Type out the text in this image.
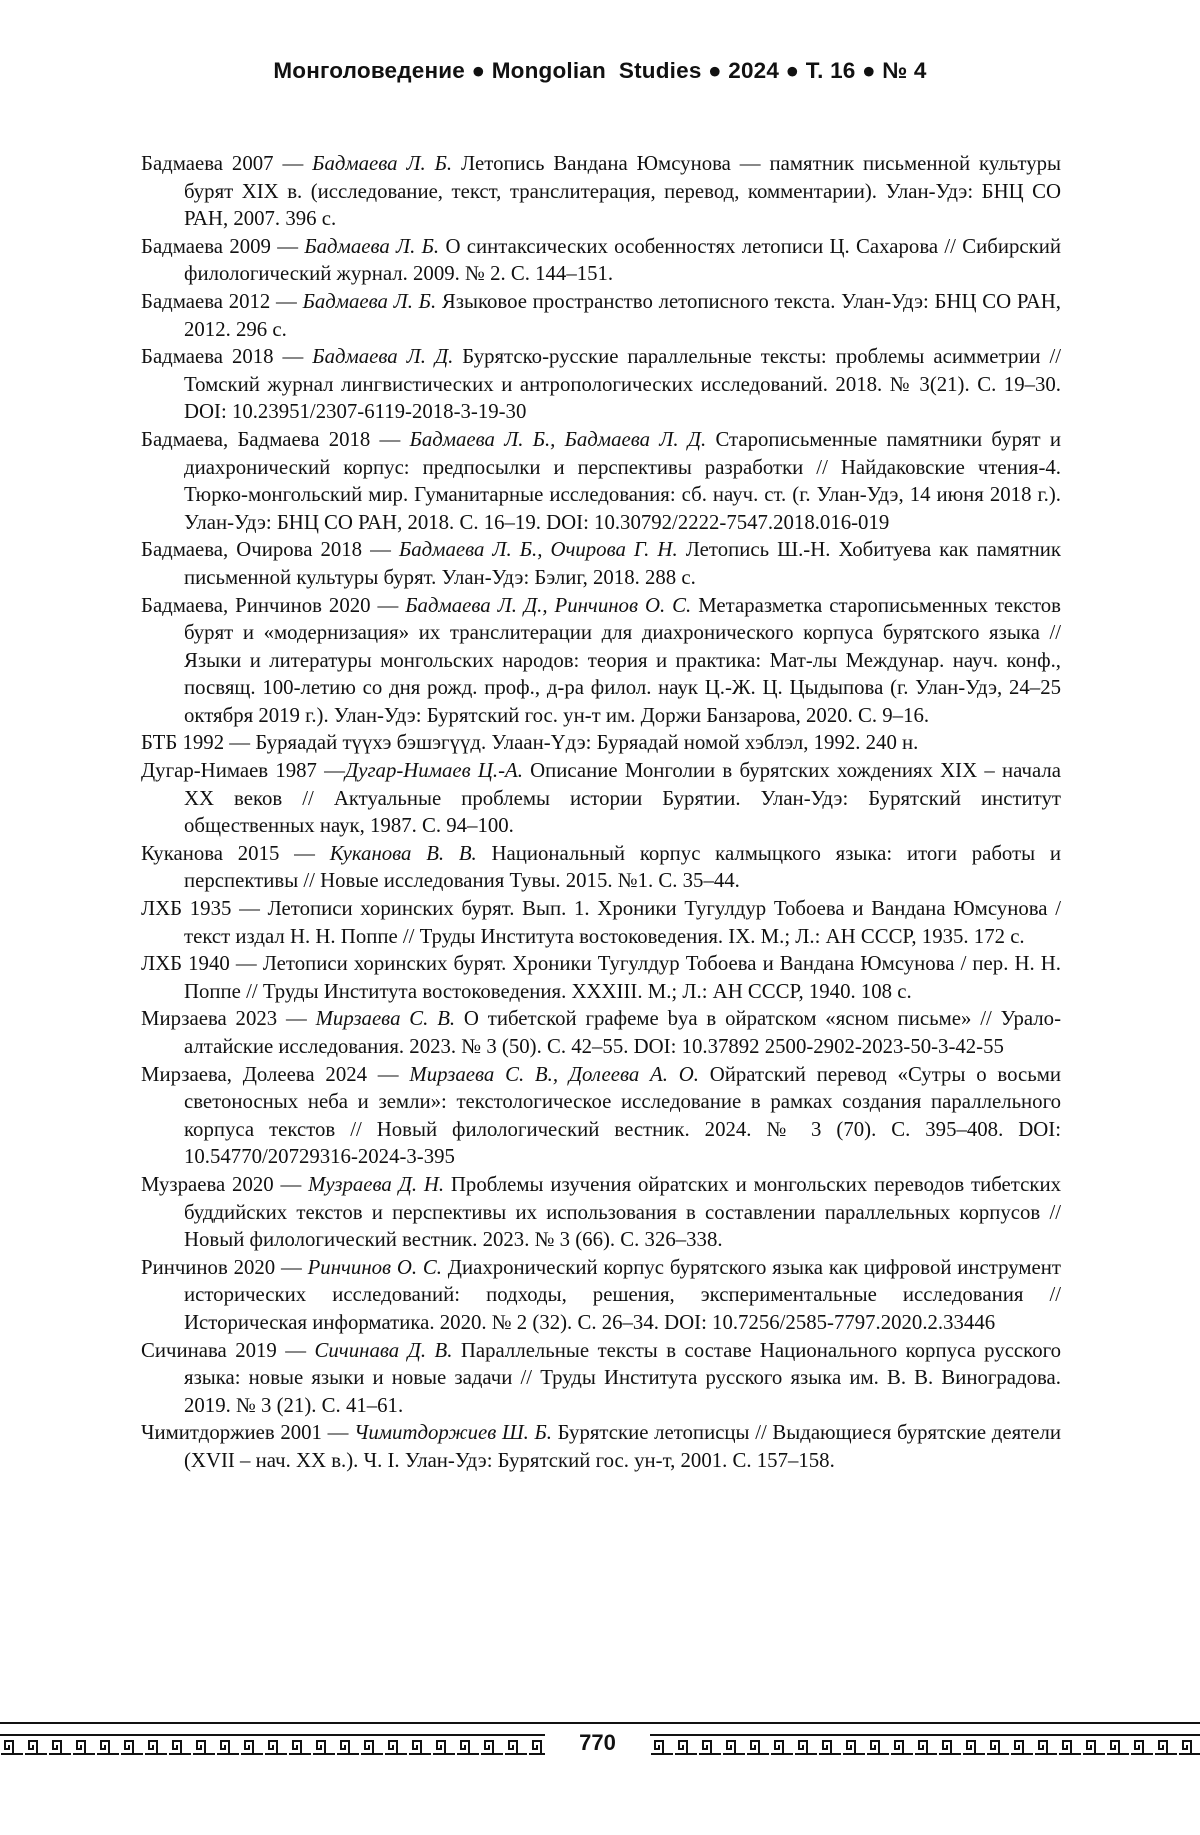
Монголоведение ● Mongolian  Studies ● 2024 ● Т. 16 ● № 4

Бадмаева 2007 — Бадмаева Л. Б. Летопись Вандана Юмсунова — памятник письменной культуры бурят XIX в. (исследование, текст, транслитерация, перевод, комментарии). Улан-Удэ: БНЦ СО РАН, 2007. 396 с.

Бадмаева 2009 — Бадмаева Л. Б. О синтаксических особенностях летописи Ц. Сахарова // Сибирский филологический журнал. 2009. № 2. С. 144–151.

Бадмаева 2012 — Бадмаева Л. Б. Языковое пространство летописного текста. Улан-Удэ: БНЦ СО РАН, 2012. 296 с.

Бадмаева 2018 — Бадмаева Л. Д. Бурятско-русские параллельные тексты: проблемы асимметрии // Томский журнал лингвистических и антропологических исследований. 2018. № 3(21). С. 19–30. DOI: 10.23951/2307-6119-2018-3-19-30

Бадмаева, Бадмаева 2018 — Бадмаева Л. Б., Бадмаева Л. Д. Старописьменные памятники бурят и диахронический корпус: предпосылки и перспективы разработки // Найдаковские чтения-4. Тюрко-монгольский мир. Гуманитарные исследования: сб. науч. ст. (г. Улан-Удэ, 14 июня 2018 г.). Улан-Удэ: БНЦ СО РАН, 2018. С. 16–19. DOI: 10.30792/2222-7547.2018.016-019

Бадмаева, Очирова 2018 — Бадмаева Л. Б., Очирова Г. Н. Летопись Ш.-Н. Хобитуева как памятник письменной культуры бурят. Улан-Удэ: Бэлиг, 2018. 288 с.

Бадмаева, Ринчинов 2020 — Бадмаева Л. Д., Ринчинов О. С. Метаразметка старописьменных текстов бурят и «модернизация» их транслитерации для диахронического корпуса бурятского языка // Языки и литературы монгольских народов: теория и практика: Мат-лы Междунар. науч. конф., посвящ. 100-летию со дня рожд. проф., д-ра филол. наук Ц.-Ж. Ц. Цыдыпова (г. Улан-Удэ, 24–25 октября 2019 г.). Улан-Удэ: Бурятский гос. ун-т им. Доржи Банзарова, 2020. С. 9–16.

БТБ 1992 — Буряадай түүхэ бэшэгүүд. Улаан-Үдэ: Буряадай номой хэблэл, 1992. 240 н.

Дугар-Нимаев 1987 —Дугар-Нимаев Ц.-А. Описание Монголии в бурятских хождениях XIX – начала XX веков // Актуальные проблемы истории Бурятии. Улан-Удэ: Бурятский институт общественных наук, 1987. С. 94–100.

Куканова 2015 — Куканова В. В. Национальный корпус калмыцкого языка: итоги работы и перспективы // Новые исследования Тувы. 2015. №1. С. 35–44.

ЛХБ 1935 — Летописи хоринских бурят. Вып. 1. Хроники Тугулдур Тобоева и Вандана Юмсунова / текст издал Н. Н. Поппе // Труды Института востоковедения. IX. М.; Л.: АН СССР, 1935. 172 с.

ЛХБ 1940 — Летописи хоринских бурят. Хроники Тугулдур Тобоева и Вандана Юмсунова / пер. Н. Н. Поппе // Труды Института востоковедения. XXXIII. М.; Л.: АН СССР, 1940. 108 с.

Мирзаева 2023 — Мирзаева С. В. О тибетской графеме bya в ойратском «ясном письме» // Урало-алтайские исследования. 2023. № 3 (50). С. 42–55. DOI: 10.37892 2500-2902-2023-50-3-42-55

Мирзаева, Долеева 2024 — Мирзаева С. В., Долеева А. О. Ойратский перевод «Сутры о восьми светоносных неба и земли»: текстологическое исследование в рамках создания параллельного корпуса текстов // Новый филологический вестник. 2024. № 3 (70). С. 395–408. DOI: 10.54770/20729316-2024-3-395

Музраева 2020 — Музраева Д. Н. Проблемы изучения ойратских и монгольских переводов тибетских буддийских текстов и перспективы их использования в составлении параллельных корпусов // Новый филологический вестник. 2023. № 3 (66). С. 326–338.

Ринчинов 2020 — Ринчинов О. С. Диахронический корпус бурятского языка как цифровой инструмент исторических исследований: подходы, решения, экспериментальные исследования // Историческая информатика. 2020. № 2 (32). С. 26–34. DOI: 10.7256/2585-7797.2020.2.33446

Сичинава 2019 — Сичинава Д. В. Параллельные тексты в составе Национального корпуса русского языка: новые языки и новые задачи // Труды Института русского языка им. В. В. Виноградова. 2019. № 3 (21). С. 41–61.

Чимитдоржиев 2001 — Чимитдоржиев Ш. Б. Бурятские летописцы // Выдающиеся бурятские деятели (XVII – нач. XX в.). Ч. I. Улан-Удэ: Бурятский гос. ун-т, 2001. С. 157–158.

770
